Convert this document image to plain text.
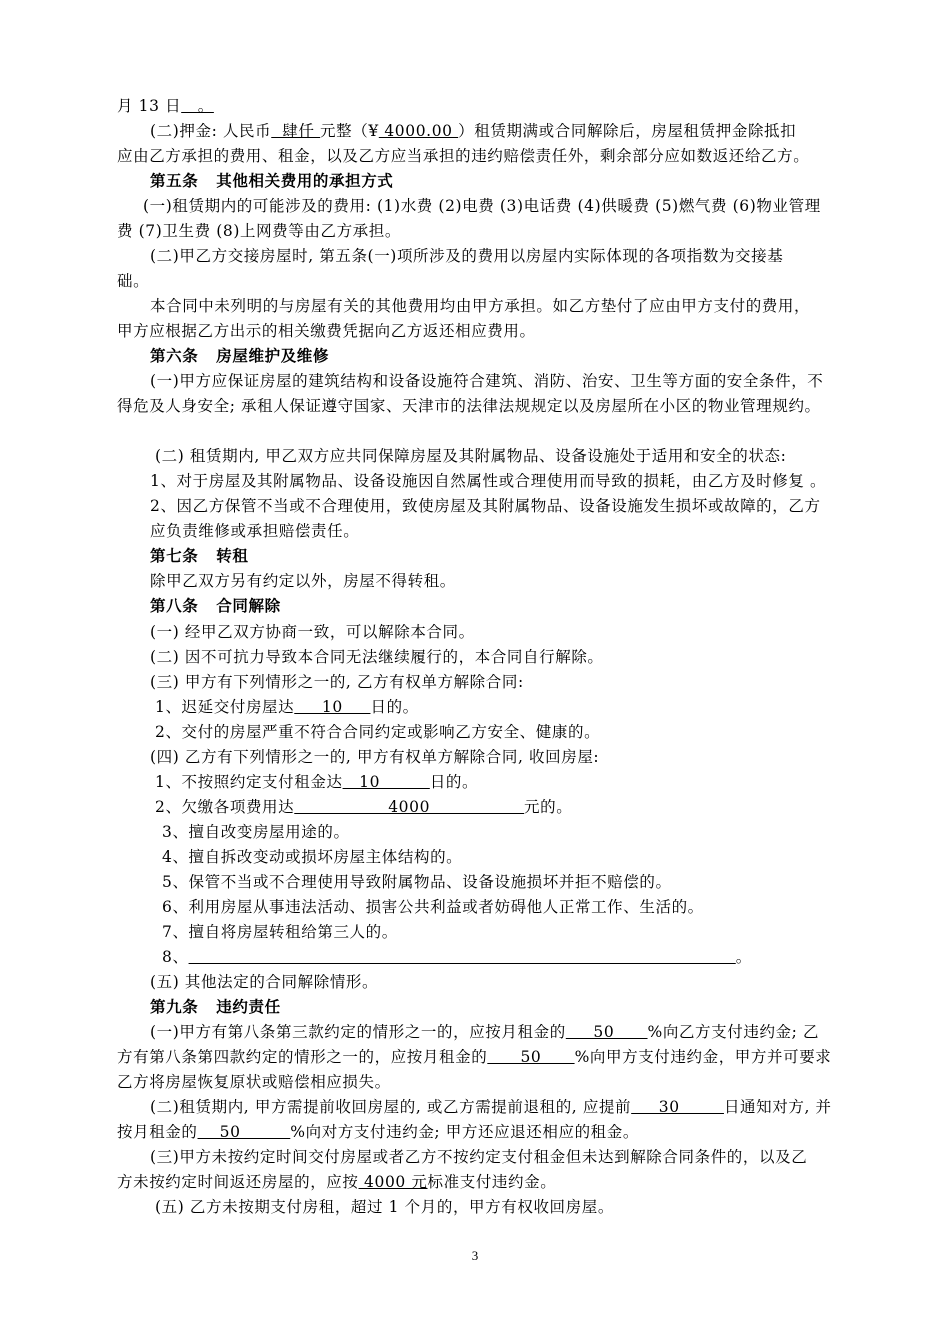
月 13 日   。
(二)押金: 人民币  肆仟 元整（¥ 4000.00 ）租赁期满或合同解除后，房屋租赁押金除抵扣
应由乙方承担的费用、租金，以及乙方应当承担的违约赔偿责任外，剩余部分应如数返还给乙方。
第五条   其他相关费用的承担方式
(一)租赁期内的可能涉及的费用: (1)水费 (2)电费 (3)电话费 (4)供暖费 (5)燃气费 (6)物业管理
费 (7)卫生费 (8)上网费等由乙方承担。
(二)甲乙方交接房屋时, 第五条(一)项所涉及的费用以房屋内实际体现的各项指数为交接基
础。
本合同中未列明的与房屋有关的其他费用均由甲方承担。如乙方垫付了应由甲方支付的费用，
甲方应根据乙方出示的相关缴费凭据向乙方返还相应费用。
第六条   房屋维护及维修
(一)甲方应保证房屋的建筑结构和设备设施符合建筑、消防、治安、卫生等方面的安全条件，不
得危及人身安全; 承租人保证遵守国家、天津市的法律法规规定以及房屋所在小区的物业管理规约。
(二) 租赁期内, 甲乙双方应共同保障房屋及其附属物品、设备设施处于适用和安全的状态:
1、对于房屋及其附属物品、设备设施因自然属性或合理使用而导致的损耗，由乙方及时修复 。
2、因乙方保管不当或不合理使用，致使房屋及其附属物品、设备设施发生损坏或故障的，乙方
应负责维修或承担赔偿责任。
第七条   转租
除甲乙双方另有约定以外，房屋不得转租。
第八条   合同解除
(一) 经甲乙双方协商一致，可以解除本合同。
(二) 因不可抗力导致本合同无法继续履行的，本合同自行解除。
(三) 甲方有下列情形之一的, 乙方有权单方解除合同:
1、迟延交付房屋达     10     日的。
2、交付的房屋严重不符合合同约定或影响乙方安全、健康的。
(四) 乙方有下列情形之一的, 甲方有权单方解除合同, 收回房屋:
1、不按照约定支付租金达   10         日的。
2、欠缴各项费用达                 4000                 元的。
3、擅自改变房屋用途的。
4、擅自拆改变动或损坏房屋主体结构的。
5、保管不当或不合理使用导致附属物品、设备设施损坏并拒不赔偿的。
6、利用房屋从事违法活动、损害公共利益或者妨碍他人正常工作、生活的。
7、擅自将房屋转租给第三人的。
8、	。
(五) 其他法定的合同解除情形。
第九条   违约责任
(一)甲方有第八条第三款约定的情形之一的，应按月租金的     50      %向乙方支付违约金; 乙
方有第八条第四款约定的情形之一的，应按月租金的      50      %向甲方支付违约金，甲方并可要求
乙方将房屋恢复原状或赔偿相应损失。
(二)租赁期内, 甲方需提前收回房屋的, 或乙方需提前退租的, 应提前     30        日通知对方, 并
按月租金的    50         %向对方支付违约金; 甲方还应退还相应的租金。
(三)甲方未按约定时间交付房屋或者乙方不按约定支付租金但未达到解除合同条件的，以及乙
方未按约定时间返还房屋的，应按 4000 元标准支付违约金。
(五) 乙方未按期支付房租，超过 1 个月的，甲方有权收回房屋。
3
